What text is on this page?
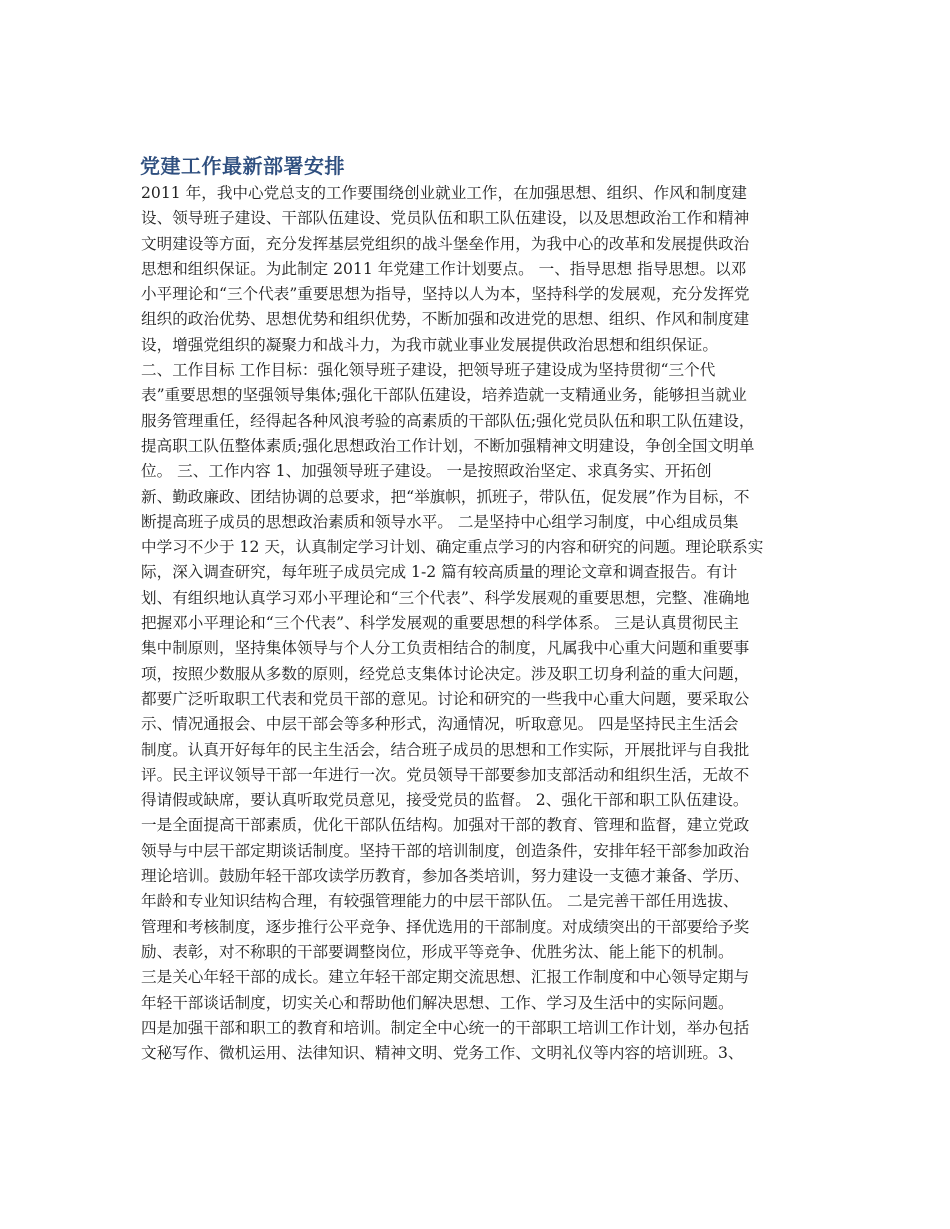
党建工作最新部署安排
2011 年，我中心党总支的工作要围绕创业就业工作，在加强思想、组织、作风和制度建
设、领导班子建设、干部队伍建设、党员队伍和职工队伍建设，以及思想政治工作和精神
文明建设等方面，充分发挥基层党组织的战斗堡垒作用，为我中心的改革和发展提供政治
思想和组织保证。为此制定 2011 年党建工作计划要点。 一、指导思想 指导思想。以邓
小平理论和“三个代表”重要思想为指导，坚持以人为本，坚持科学的发展观，充分发挥党
组织的政治优势、思想优势和组织优势，不断加强和改进党的思想、组织、作风和制度建
设，增强党组织的凝聚力和战斗力，为我市就业事业发展提供政治思想和组织保证。
二、工作目标 工作目标：强化领导班子建设，把领导班子建设成为坚持贯彻“三个代
表”重要思想的坚强领导集体;强化干部队伍建设，培养造就一支精通业务，能够担当就业
服务管理重任，经得起各种风浪考验的高素质的干部队伍;强化党员队伍和职工队伍建设，
提高职工队伍整体素质;强化思想政治工作计划，不断加强精神文明建设，争创全国文明单
位。 三、工作内容 1、加强领导班子建设。 一是按照政治坚定、求真务实、开拓创
新、勤政廉政、团结协调的总要求，把“举旗帜，抓班子，带队伍，促发展”作为目标，不
断提高班子成员的思想政治素质和领导水平。 二是坚持中心组学习制度，中心组成员集
中学习不少于 12 天，认真制定学习计划、确定重点学习的内容和研究的问题。理论联系实
际，深入调查研究，每年班子成员完成 1-2 篇有较高质量的理论文章和调查报告。有计
划、有组织地认真学习邓小平理论和“三个代表”、科学发展观的重要思想，完整、准确地
把握邓小平理论和“三个代表”、科学发展观的重要思想的科学体系。 三是认真贯彻民主
集中制原则，坚持集体领导与个人分工负责相结合的制度，凡属我中心重大问题和重要事
项，按照少数服从多数的原则，经党总支集体讨论决定。涉及职工切身利益的重大问题，
都要广泛听取职工代表和党员干部的意见。讨论和研究的一些我中心重大问题，要采取公
示、情况通报会、中层干部会等多种形式，沟通情况，听取意见。 四是坚持民主生活会
制度。认真开好每年的民主生活会，结合班子成员的思想和工作实际，开展批评与自我批
评。民主评议领导干部一年进行一次。党员领导干部要参加支部活动和组织生活，无故不
得请假或缺席，要认真听取党员意见，接受党员的监督。 2、强化干部和职工队伍建设。
一是全面提高干部素质，优化干部队伍结构。加强对干部的教育、管理和监督，建立党政
领导与中层干部定期谈话制度。坚持干部的培训制度，创造条件，安排年轻干部参加政治
理论培训。鼓励年轻干部攻读学历教育，参加各类培训，努力建设一支德才兼备、学历、
年龄和专业知识结构合理，有较强管理能力的中层干部队伍。 二是完善干部任用选拔、
管理和考核制度，逐步推行公平竞争、择优选用的干部制度。对成绩突出的干部要给予奖
励、表彰，对不称职的干部要调整岗位，形成平等竞争、优胜劣汰、能上能下的机制。
三是关心年轻干部的成长。建立年轻干部定期交流思想、汇报工作制度和中心领导定期与
年轻干部谈话制度，切实关心和帮助他们解决思想、工作、学习及生活中的实际问题。
四是加强干部和职工的教育和培训。制定全中心统一的干部职工培训工作计划，举办包括
文秘写作、微机运用、法律知识、精神文明、党务工作、文明礼仪等内容的培训班。3、
